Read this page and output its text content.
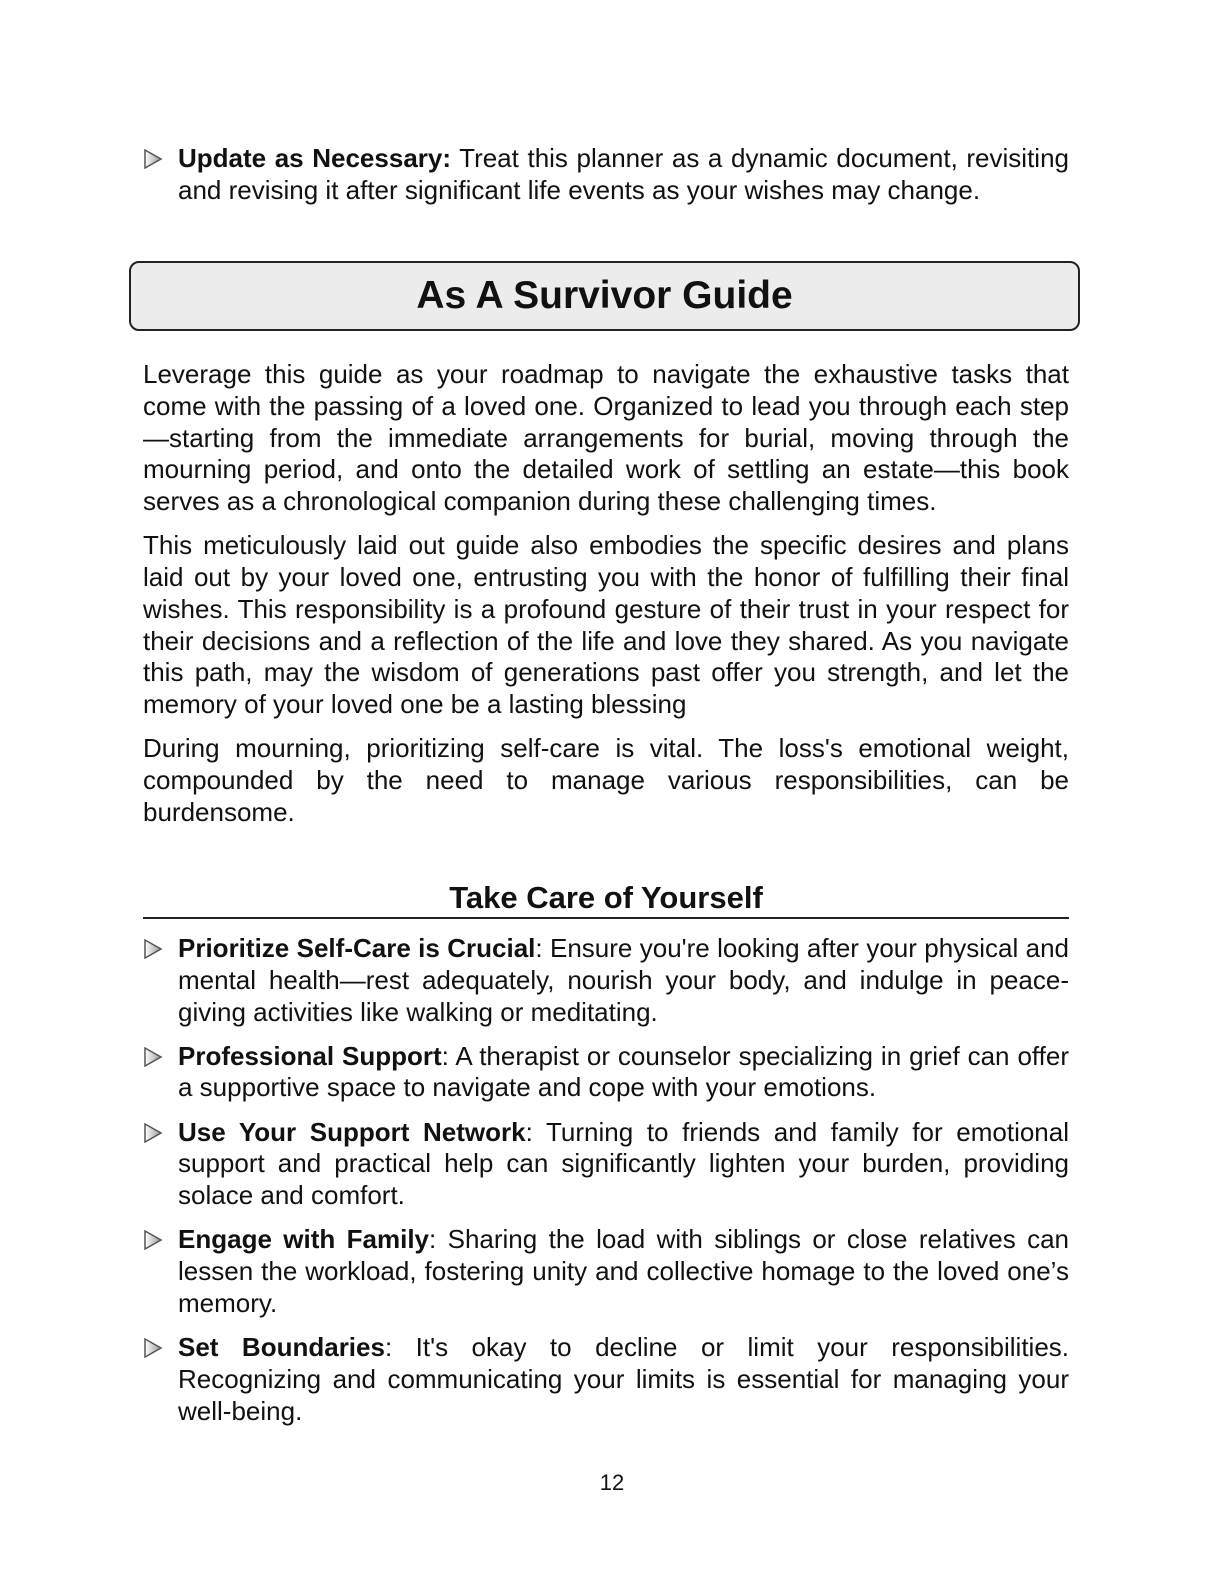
Update as Necessary: Treat this planner as a dynamic document, revisiting and revising it after significant life events as your wishes may change.
As A Survivor Guide

Leverage this guide as your roadmap to navigate the exhaustive tasks that come with the passing of a loved one. Organized to lead you through each step—starting from the immediate arrangements for burial, moving through the mourning period, and onto the detailed work of settling an estate—this book serves as a chronological companion during these challenging times.

This meticulously laid out guide also embodies the specific desires and plans laid out by your loved one, entrusting you with the honor of fulfilling their final wishes. This responsibility is a profound gesture of their trust in your respect for their decisions and a reflection of the life and love they shared. As you navigate this path, may the wisdom of generations past offer you strength, and let the memory of your loved one be a lasting blessing

During mourning, prioritizing self-care is vital. The loss's emotional weight, compounded by the need to manage various responsibilities, can be burdensome.

Take Care of Yourself
Prioritize Self-Care is Crucial: Ensure you're looking after your physical and mental health—rest adequately, nourish your body, and indulge in peace-giving activities like walking or meditating.
Professional Support: A therapist or counselor specializing in grief can offer a supportive space to navigate and cope with your emotions.
Use Your Support Network: Turning to friends and family for emotional support and practical help can significantly lighten your burden, providing solace and comfort.
Engage with Family: Sharing the load with siblings or close relatives can lessen the workload, fostering unity and collective homage to the loved one’s memory.
Set Boundaries: It's okay to decline or limit your responsibilities. Recognizing and communicating your limits is essential for managing your well-being.
12
